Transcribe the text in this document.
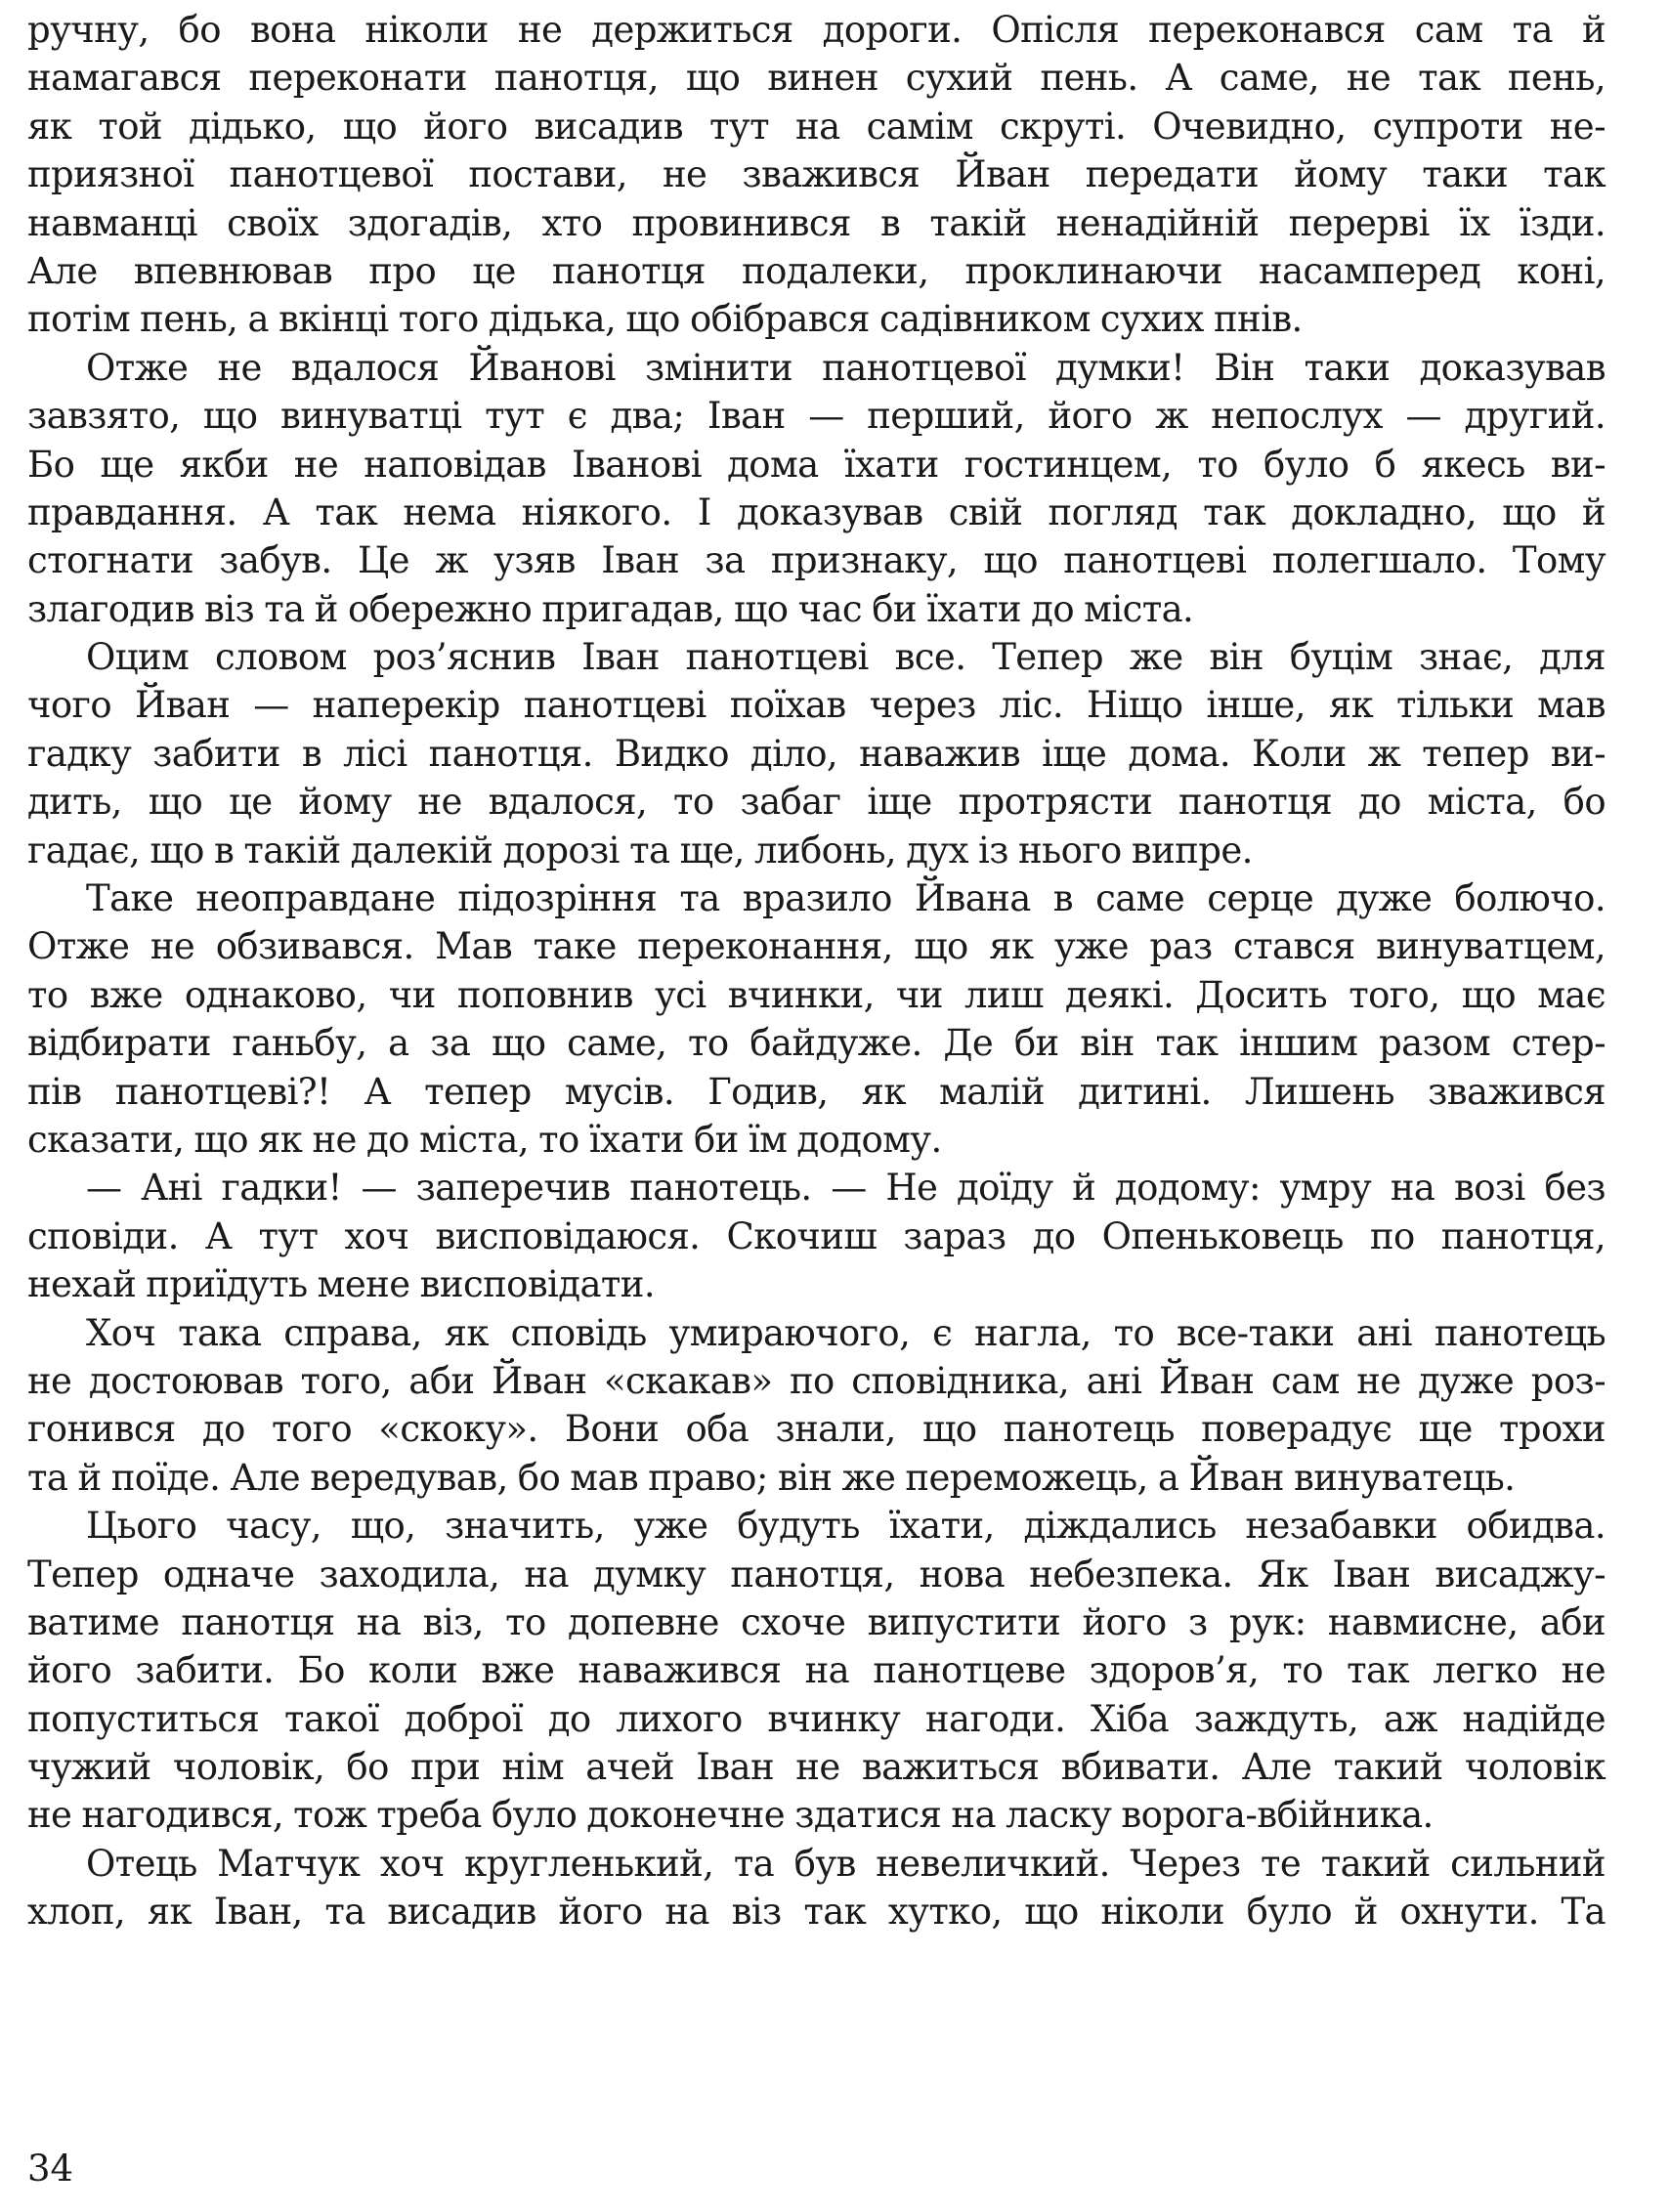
ручну, бо вона ніколи не держиться дороги. Опісля переконався сам та й
намагався переконати панотця, що винен сухий пень. А саме, не так пень,
як той дідько, що його висадив тут на самім скруті. Очевидно, супроти не-
приязної панотцевої постави, не зважився Йван передати йому таки так
навманці своїх здогадів, хто провинився в такій ненадійній перерві їх їзди.
Але впевнював про це панотця подалеки, проклинаючи насамперед коні,
потім пень, а вкінці того дідька, що обібрався садівником сухих пнів.
Отже не вдалося Йванові змінити панотцевої думки! Він таки доказував
завзято, що винуватці тут є два; Іван — перший, його ж непослух — другий.
Бо ще якби не наповідав Іванові дома їхати гостинцем, то було б якесь ви-
правдання. А так нема ніякого. І доказував свій погляд так докладно, що й
стогнати забув. Це ж узяв Іван за признаку, що панотцеві полегшало. Тому
злагодив віз та й обережно пригадав, що час би їхати до міста.
Оцим словом роз’яснив Іван панотцеві все. Тепер же він буцім знає, для
чого Йван — наперекір панотцеві поїхав через ліс. Ніщо інше, як тільки мав
гадку забити в лісі панотця. Видко діло, наважив іще дома. Коли ж тепер ви-
дить, що це йому не вдалося, то забаг іще протрясти панотця до міста, бо
гадає, що в такій далекій дорозі та ще, либонь, дух із нього випре.
Таке неоправдане підозріння та вразило Йвана в саме серце дуже болючо.
Отже не обзивався. Мав таке переконання, що як уже раз стався винуватцем,
то вже однаково, чи поповнив усі вчинки, чи лиш деякі. Досить того, що має
відбирати ганьбу, а за що саме, то байдуже. Де би він так іншим разом стер-
пів панотцеві?! А тепер мусів. Годив, як малій дитині. Лишень зважився
сказати, що як не до міста, то їхати би їм додому.
— Ані гадки! — заперечив панотець. — Не доїду й додому: умру на возі без
сповіди. А тут хоч висповідаюся. Скочиш зараз до Опеньковець по панотця,
нехай приїдуть мене висповідати.
Хоч така справа, як сповідь умираючого, є нагла, то все-таки ані панотець
не достоював того, аби Йван «скакав» по сповідника, ані Йван сам не дуже роз-
гонився до того «скоку». Вони оба знали, що панотець поверадує ще трохи
та й поїде. Але вередував, бо мав право; він же переможець, а Йван винуватець.
Цього часу, що, значить, уже будуть їхати, діждались незабавки обидва.
Тепер одначе заходила, на думку панотця, нова небезпека. Як Іван висаджу-
ватиме панотця на віз, то допевне схоче випустити його з рук: навмисне, аби
його забити. Бо коли вже наважився на панотцеве здоров’я, то так легко не
попуститься такої доброї до лихого вчинку нагоди. Хіба заждуть, аж надійде
чужий чоловік, бо при нім ачей Іван не важиться вбивати. Але такий чоловік
не нагодився, тож треба було доконечне здатися на ласку ворога-вбійника.
Отець Матчук хоч кругленький, та був невеличкий. Через те такий сильний
хлоп, як Іван, та висадив його на віз так хутко, що ніколи було й охнути. Та
34
